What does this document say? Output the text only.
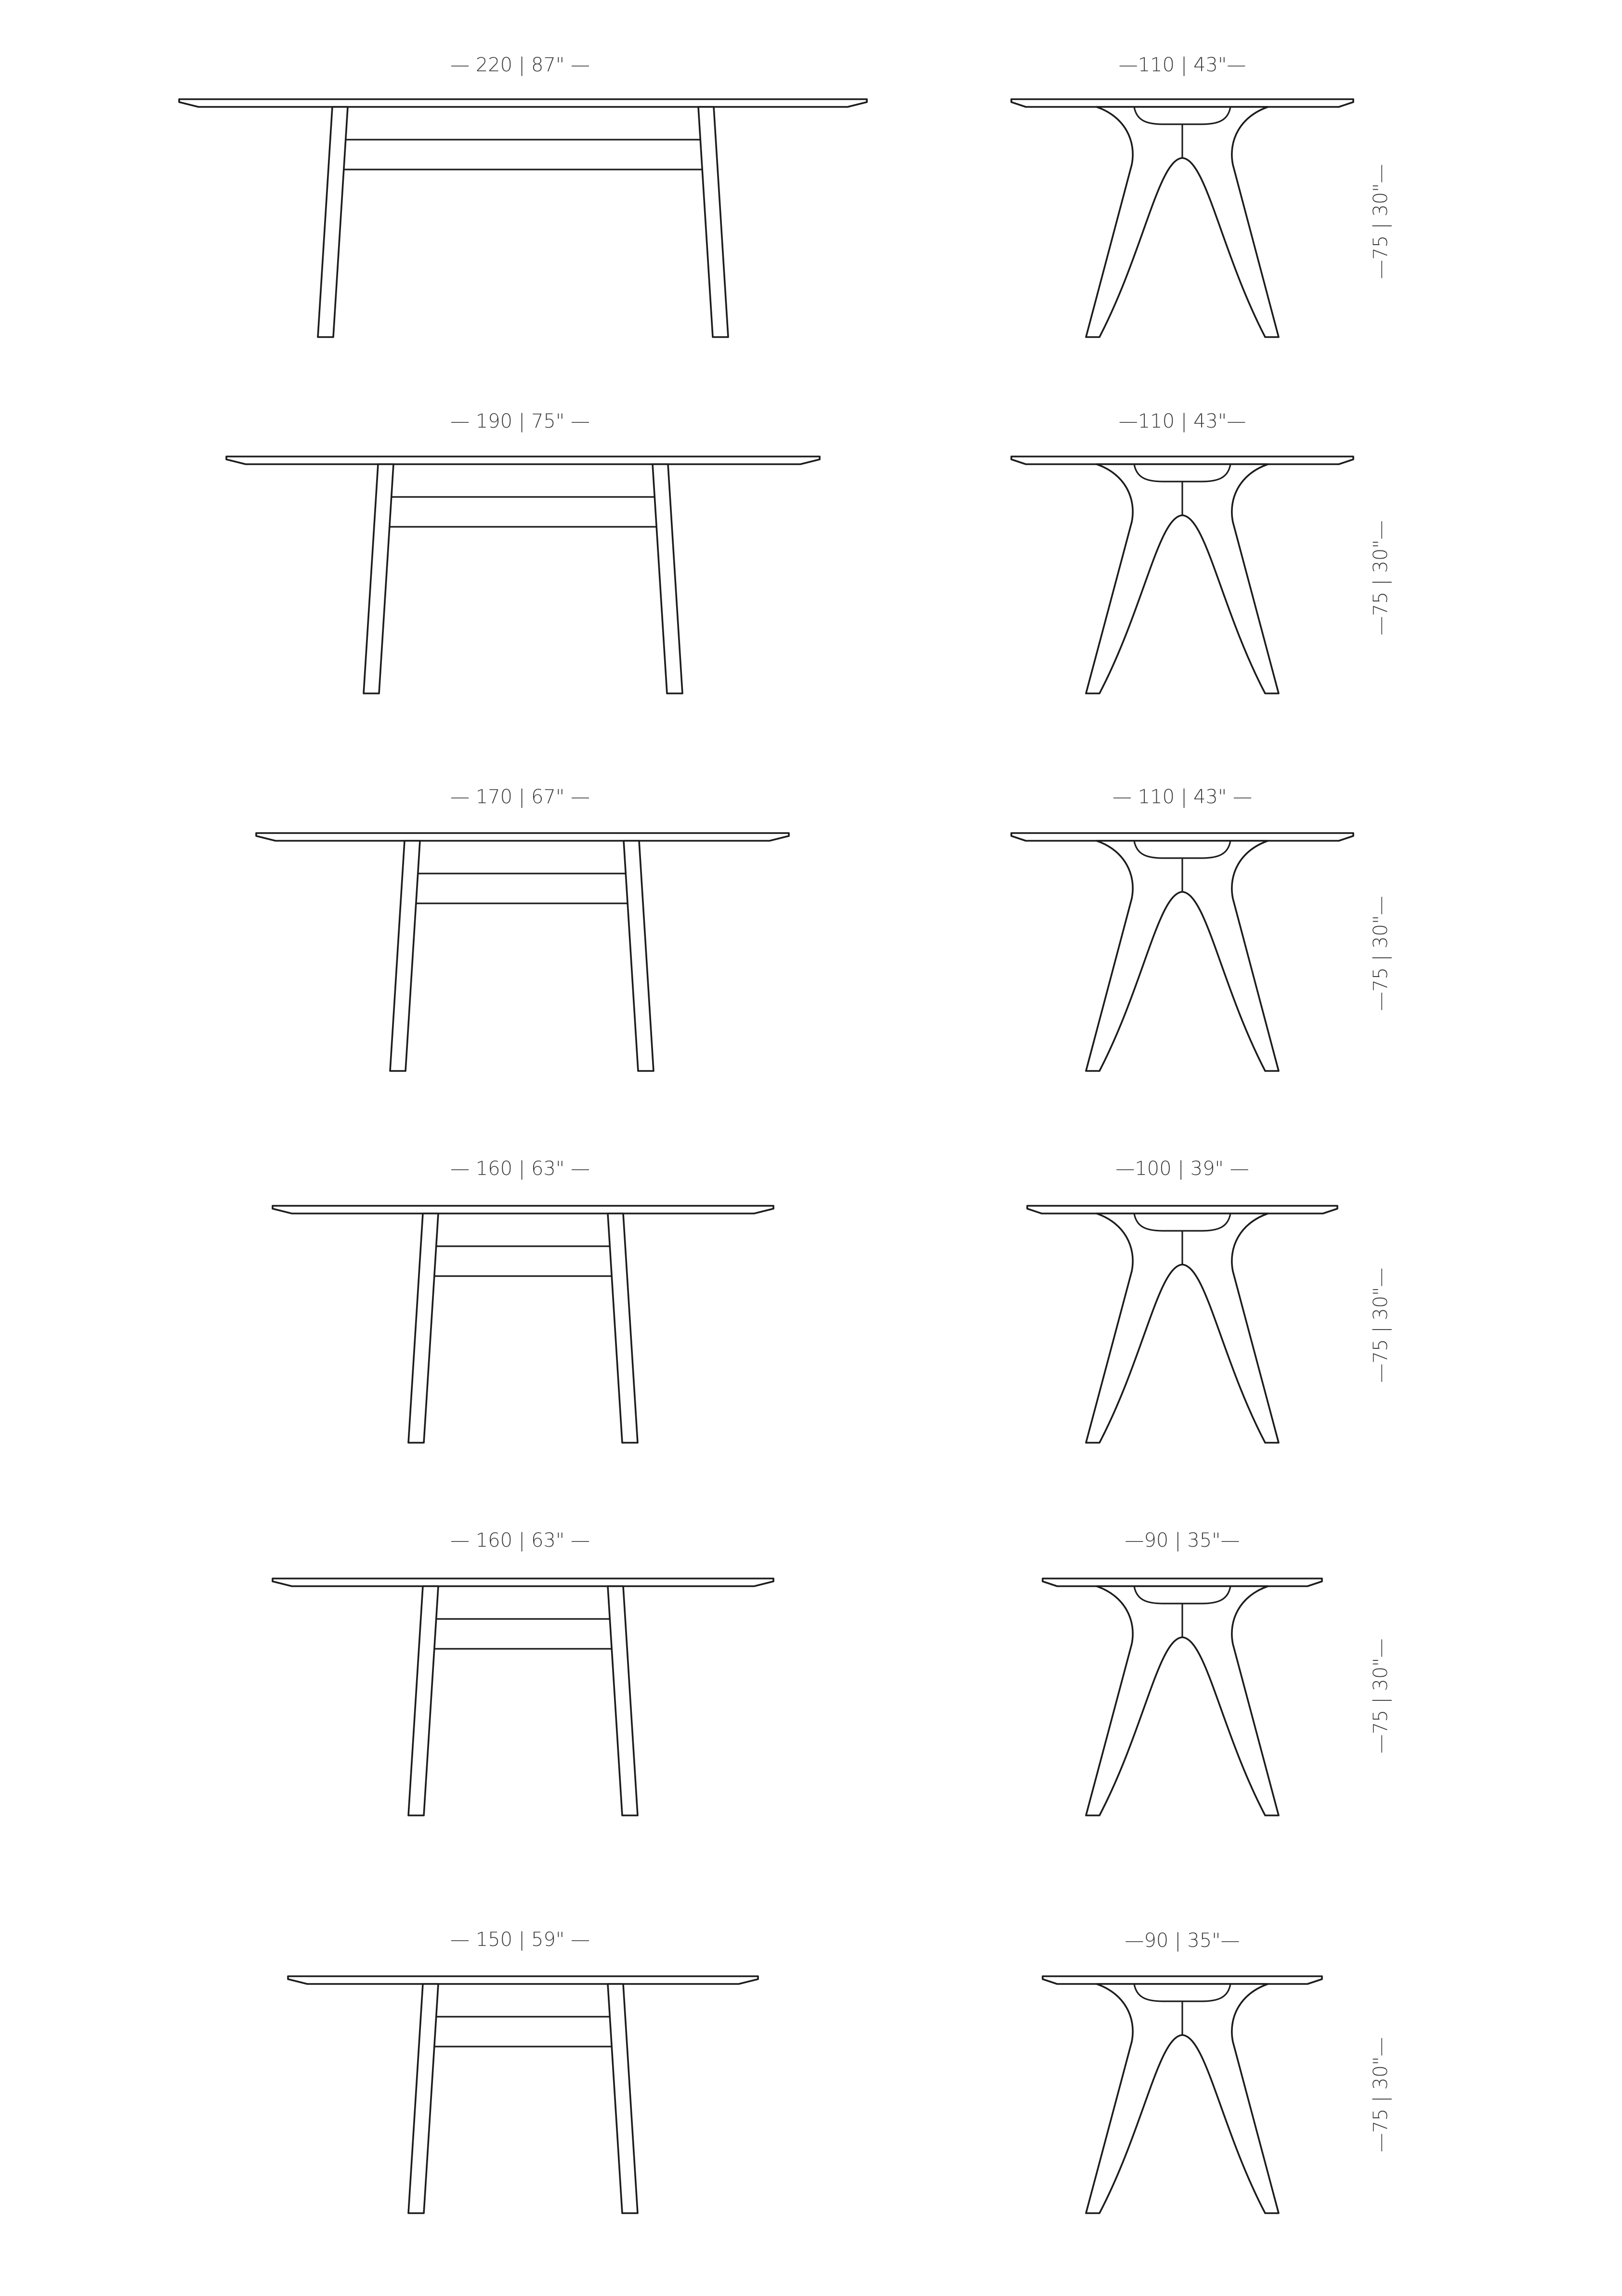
— 220 | 87" —	—110 | 43"—
—75 | 30"—
— 190 | 75" —	—110 | 43"—
—75 | 30"—
— 170 | 67" —	— 110 | 43" —
—75 | 30"—
— 160 | 63" —	—100 | 39" —
—75 | 30"—
— 160 | 63" —	—90 | 35"—
—75 | 30"—
— 150 | 59" —	—90 | 35"—
—75 | 30"—
